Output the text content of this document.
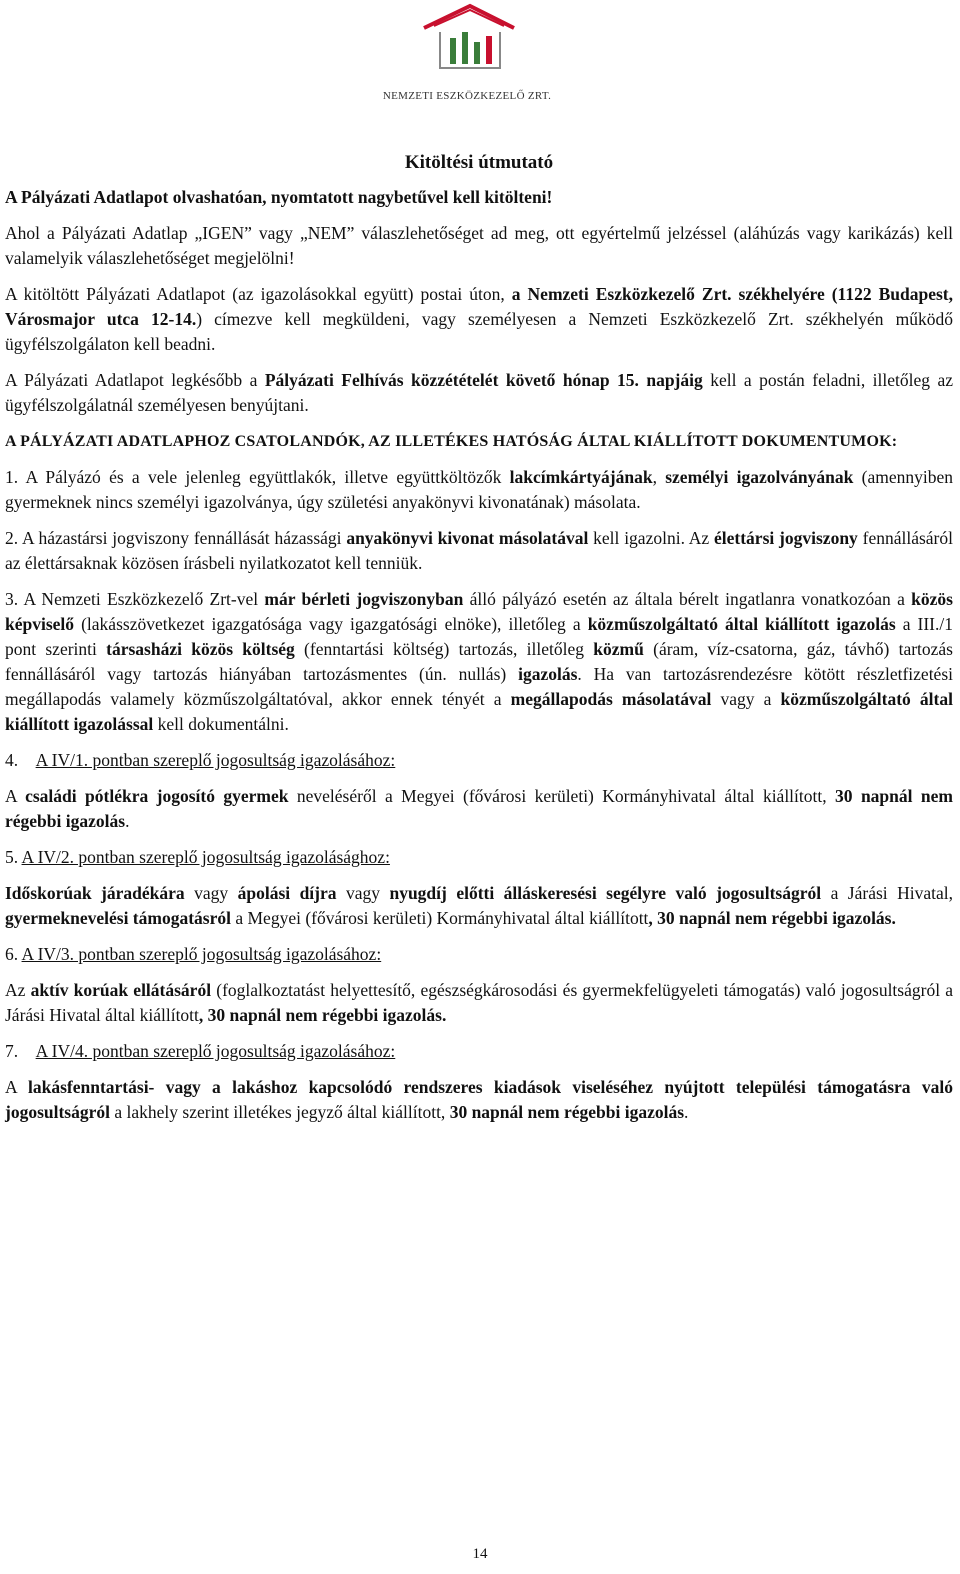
NEMZETI ESZKÖZKEZELŐ ZRT.
Kitöltési útmutató

A Pályázati Adatlapot olvashatóan, nyomtatott nagybetűvel kell kitölteni!

Ahol a Pályázati Adatlap „IGEN” vagy „NEM” válaszlehetőséget ad meg, ott egyértelmű jelzéssel (aláhúzás vagy karikázás) kell valamelyik válaszlehetőséget megjelölni!

A kitöltött Pályázati Adatlapot (az igazolásokkal együtt) postai úton, a Nemzeti Eszközkezelő Zrt. székhelyére (1122 Budapest, Városmajor utca 12-14.) címezve kell megküldeni, vagy személyesen a Nemzeti Eszközkezelő Zrt. székhelyén működő ügyfélszolgálaton kell beadni.

A Pályázati Adatlapot legkésőbb a Pályázati Felhívás közzétételét követő hónap 15. napjáig kell a postán feladni, illetőleg az ügyfélszolgálatnál személyesen benyújtani.

A PÁLYÁZATI ADATLAPHOZ CSATOLANDÓK, AZ ILLETÉKES HATÓSÁG ÁLTAL KIÁLLÍTOTT DOKUMENTUMOK:

1. A Pályázó és a vele jelenleg együttlakók, illetve együttköltözők lakcímkártyájának, személyi igazolványának (amennyiben gyermeknek nincs személyi igazolványa, úgy születési anyakönyvi kivonatának) másolata.

2. A házastársi jogviszony fennállását házassági anyakönyvi kivonat másolatával kell igazolni. Az élettársi jogviszony fennállásáról az élettársaknak közösen írásbeli nyilatkozatot kell tenniük.

3. A Nemzeti Eszközkezelő Zrt-vel már bérleti jogviszonyban álló pályázó esetén az általa bérelt ingatlanra vonatkozóan a közös képviselő (lakásszövetkezet igazgatósága vagy igazgatósági elnöke), illetőleg a közműszolgáltató által kiállított igazolás a III./1 pont szerinti társasházi közös költség (fenntartási költség) tartozás, illetőleg közmű (áram, víz-csatorna, gáz, távhő) tartozás fennállásáról vagy tartozás hiányában tartozásmentes (ún. nullás) igazolás. Ha van tartozásrendezésre kötött részletfizetési megállapodás valamely közműszolgáltatóval, akkor ennek tényét a megállapodás másolatával vagy a közműszolgáltató által kiállított igazolással kell dokumentálni.

4. A IV/1. pontban szereplő jogosultság igazolásához:

A családi pótlékra jogosító gyermek neveléséről a Megyei (fővárosi kerületi) Kormányhivatal által kiállított, 30 napnál nem régebbi igazolás.

5. A IV/2. pontban szereplő jogosultság igazolásághoz:

Időskorúak járadékára vagy ápolási díjra vagy nyugdíj előtti álláskeresési segélyre való jogosultságról a Járási Hivatal, gyermeknevelési támogatásról a Megyei (fővárosi kerületi) Kormányhivatal által kiállított, 30 napnál nem régebbi igazolás.

6. A IV/3. pontban szereplő jogosultság igazolásához:

Az aktív korúak ellátásáról (foglalkoztatást helyettesítő, egészségkárosodási és gyermekfelügyeleti támogatás) való jogosultságról a Járási Hivatal által kiállított, 30 napnál nem régebbi igazolás.

7. A IV/4. pontban szereplő jogosultság igazolásához:

A lakásfenntartási- vagy a lakáshoz kapcsolódó rendszeres kiadások viseléséhez nyújtott települési támogatásra való jogosultságról a lakhely szerint illetékes jegyző által kiállított, 30 napnál nem régebbi igazolás.

14
